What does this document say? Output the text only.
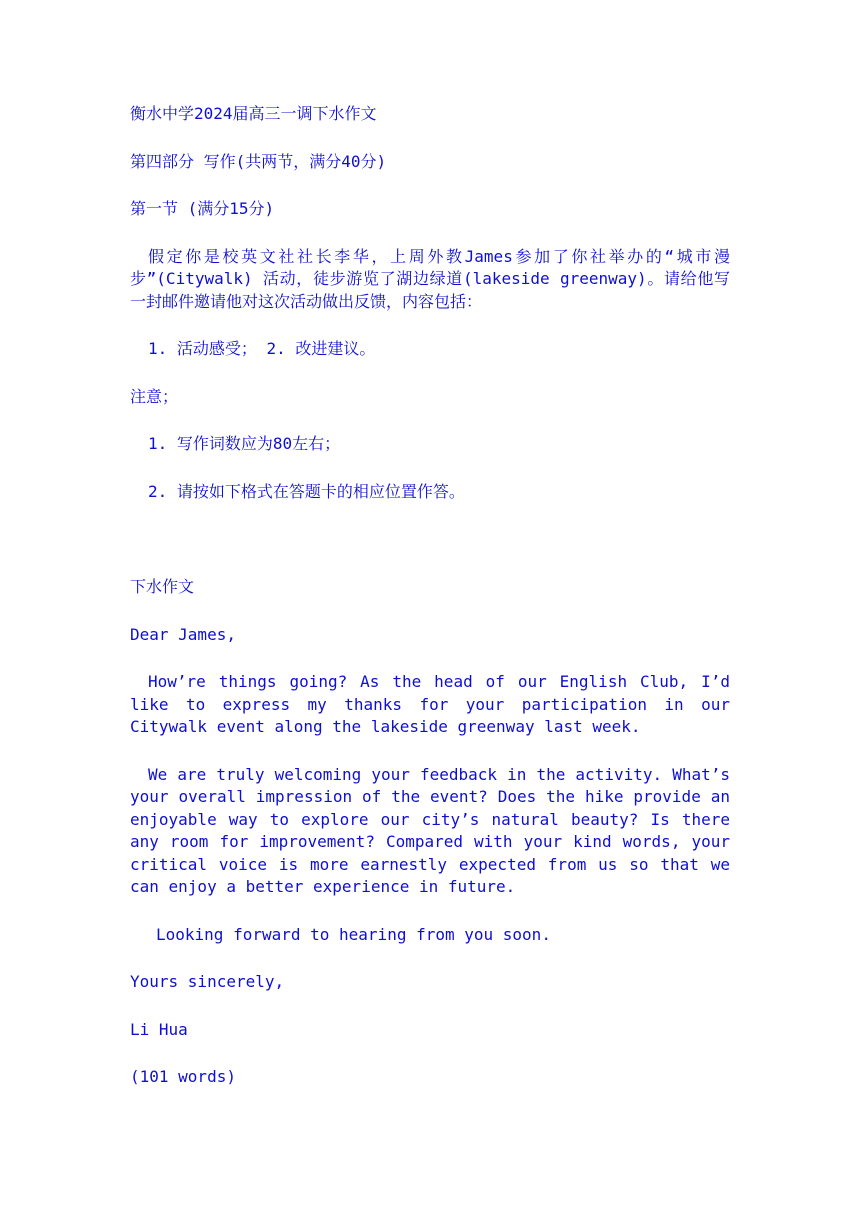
衡水中学2024届高三一调下水作文

第四部分 写作(共两节，满分40分)

第一节 (满分15分)

假定你是校英文社社长李华，上周外教James参加了你社举办的“城市漫步”(Citywalk) 活动，徒步游览了湖边绿道(lakeside greenway)。请给他写一封邮件邀请他对这次活动做出反馈，内容包括：

1. 活动感受； 2. 改进建议。

注意；

1. 写作词数应为80左右；

2. 请按如下格式在答题卡的相应位置作答。

下水作文

Dear James,

How’re things going? As the head of our English Club, I’d like to express my thanks for your participation in our Citywalk event along the lakeside greenway last week.

We are truly welcoming your feedback in the activity. What’s your overall impression of the event? Does the hike provide an enjoyable way to explore our city’s natural beauty? Is there any room for improvement? Compared with your kind words, your critical voice is more earnestly expected from us so that we can enjoy a better experience in future.

Looking forward to hearing from you soon.

Yours sincerely,

Li Hua

(101 words)
